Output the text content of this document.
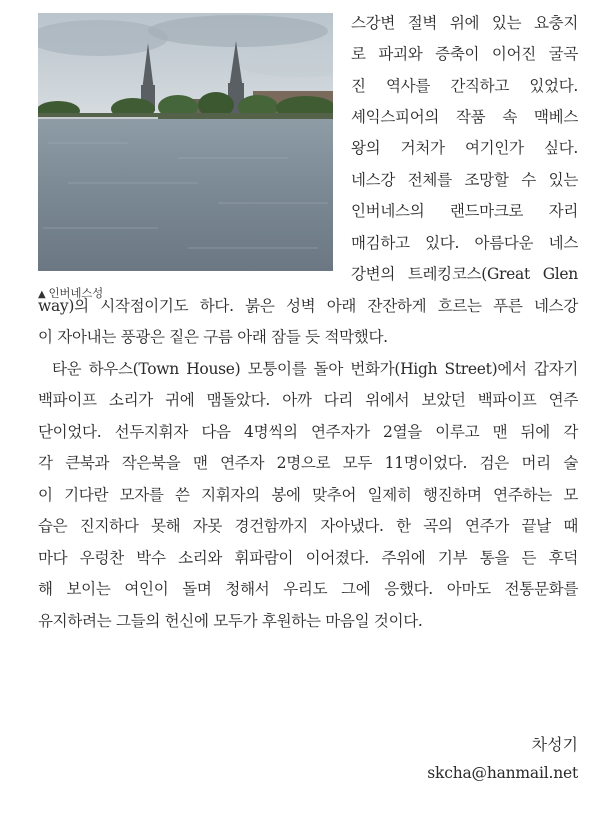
▲ 인버네스성
스강변 절벽 위에 있는 요충지
로 파괴와 증축이 이어진 굴곡
진 역사를 간직하고 있었다.
셰익스피어의 작품 속 맥베스
왕의 거처가 여기인가 싶다.
네스강 전체를 조망할 수 있는
인버네스의 랜드마크로 자리
매김하고 있다. 아름다운 네스
강변의 트레킹코스(Great Glen
way)의 시작점이기도 하다. 붉은 성벽 아래 잔잔하게 흐르는 푸른 네스강
이 자아내는 풍광은 짙은 구름 아래 잠들 듯 적막했다.
타운 하우스(Town House) 모퉁이를 돌아 번화가(High Street)에서 갑자기
백파이프 소리가 귀에 맴돌았다. 아까 다리 위에서 보았던 백파이프 연주
단이었다. 선두지휘자 다음 4명씩의 연주자가 2열을 이루고 맨 뒤에 각
각 큰북과 작은북을 맨 연주자 2명으로 모두 11명이었다. 검은 머리 술
이 기다란 모자를 쓴 지휘자의 봉에 맞추어 일제히 행진하며 연주하는 모
습은 진지하다 못해 자못 경건함까지 자아냈다. 한 곡의 연주가 끝날 때
마다 우렁찬 박수 소리와 휘파람이 이어졌다. 주위에 기부 통을 든 후덕
해 보이는 여인이 돌며 청해서 우리도 그에 응했다. 아마도 전통문화를
유지하려는 그들의 헌신에 모두가 후원하는 마음일 것이다.
차성기
skcha@hanmail.net
